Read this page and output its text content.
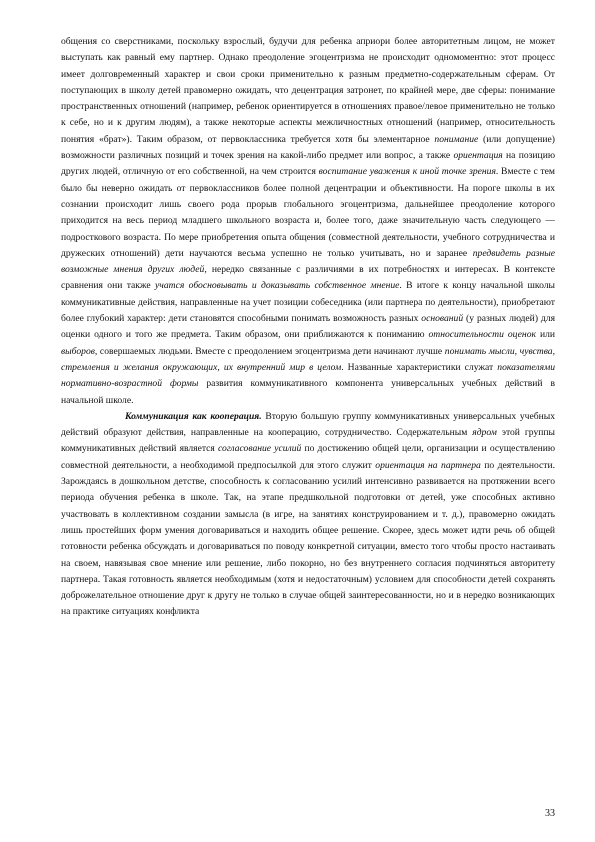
общения со сверстниками, поскольку взрослый, будучи для ребенка априори более авторитетным лицом, не может выступать как равный ему партнер. Однако преодоление эгоцентризма не происходит одномоментно: этот процесс имеет долговременный характер и свои сроки применительно к разным предметно-содержательным сферам. От поступающих в школу детей правомерно ожидать, что децентрация затронет, по крайней мере, две сферы: понимание пространственных отношений (например, ребенок ориентируется в отношениях правое/левое применительно не только к себе, но и к другим людям), а также некоторые аспекты межличностных отношений (например, относительность понятия «брат»). Таким образом, от первоклассника требуется хотя бы элементарное понимание (или допущение) возможности различных позиций и точек зрения на какой-либо предмет или вопрос, а также ориентация на позицию других людей, отличную от его собственной, на чем строится воспитание уважения к иной точке зрения. Вместе с тем было бы неверно ожидать от первоклассников более полной децентрации и объективности. На пороге школы в их сознании происходит лишь своего рода прорыв глобального эгоцентризма, дальнейшее преодоление которого приходится на весь период младшего школьного возраста и, более того, даже значительную часть следующего — подросткового возраста. По мере приобретения опыта общения (совместной деятельности, учебного сотрудничества и дружеских отношений) дети научаются весьма успешно не только учитывать, но и заранее предвидеть разные возможные мнения других людей, нередко связанные с различиями в их потребностях и интересах. В контексте сравнения они также учатся обосновывать и доказывать собственное мнение. В итоге к концу начальной школы коммуникативные действия, направленные на учет позиции собеседника (или партнера по деятельности), приобретают более глубокий характер: дети становятся способными понимать возможность разных оснований (у разных людей) для оценки одного и того же предмета. Таким образом, они приближаются к пониманию относительности оценок или выборов, совершаемых людьми. Вместе с преодолением эгоцентризма дети начинают лучше понимать мысли, чувства, стремления и желания окружающих, их внутренний мир в целом. Названные характеристики служат показателями нормативно-возрастной формы развития коммуникативного компонента универсальных учебных действий в начальной школе.

Коммуникация как кооперация. Вторую большую группу коммуникативных универсальных учебных действий образуют действия, направленные на кооперацию, сотрудничество. Содержательным ядром этой группы коммуникативных действий является согласование усилий по достижению общей цели, организации и осуществлению совместной деятельности, а необходимой предпосылкой для этого служит ориентация на партнера по деятельности. Зарождаясь в дошкольном детстве, способность к согласованию усилий интенсивно развивается на протяжении всего периода обучения ребенка в школе. Так, на этапе предшкольной подготовки от детей, уже способных активно участвовать в коллективном создании замысла (в игре, на занятиях конструированием и т. д.), правомерно ожидать лишь простейших форм умения договариваться и находить общее решение. Скорее, здесь может идти речь об общей готовности ребенка обсуждать и договариваться по поводу конкретной ситуации, вместо того чтобы просто настаивать на своем, навязывая свое мнение или решение, либо покорно, но без внутреннего согласия подчиняться авторитету партнера. Такая готовность является необходимым (хотя и недостаточным) условием для способности детей сохранять доброжелательное отношение друг к другу не только в случае общей заинтересованности, но и в нередко возникающих на практике ситуациях конфликта

33
